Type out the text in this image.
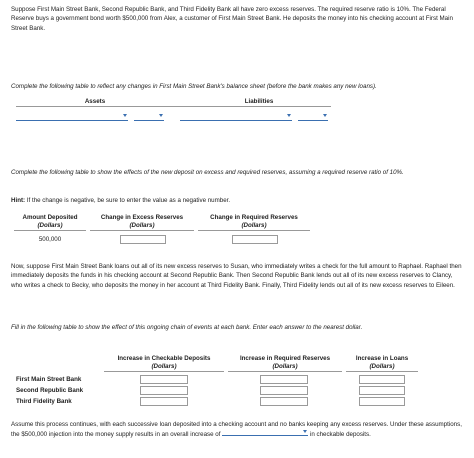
Suppose First Main Street Bank, Second Republic Bank, and Third Fidelity Bank all have zero excess reserves. The required reserve ratio is 10%. The Federal Reserve buys a government bond worth $500,000 from Alex, a customer of First Main Street Bank. He deposits the money into his checking account at First Main Street Bank.
Complete the following table to reflect any changes in First Main Street Bank's balance sheet (before the bank makes any new loans).
Assets	Liabilities
Complete the following table to show the effects of the new deposit on excess and required reserves, assuming a required reserve ratio of 10%.
Hint: If the change is negative, be sure to enter the value as a negative number.
Amount Deposited
(Dollars)
Change in Excess Reserves
(Dollars)
Change in Required Reserves
(Dollars)
500,000
Now, suppose First Main Street Bank loans out all of its new excess reserves to Susan, who immediately writes a check for the full amount to Raphael. Raphael then immediately deposits the funds in his checking account at Second Republic Bank. Then Second Republic Bank lends out all of its new excess reserves to Clancy, who writes a check to Becky, who deposits the money in her account at Third Fidelity Bank. Finally, Third Fidelity lends out all of its new excess reserves to Eileen.
Fill in the following table to show the effect of this ongoing chain of events at each bank. Enter each answer to the nearest dollar.
Increase in Checkable Deposits
(Dollars)
Increase in Required Reserves
(Dollars)
Increase in Loans
(Dollars)
First Main Street Bank
Second Republic Bank
Third Fidelity Bank
Assume this process continues, with each successive loan deposited into a checking account and no banks keeping any excess reserves. Under these assumptions, the $500,000 injection into the money supply results in an overall increase of	in checkable deposits.
